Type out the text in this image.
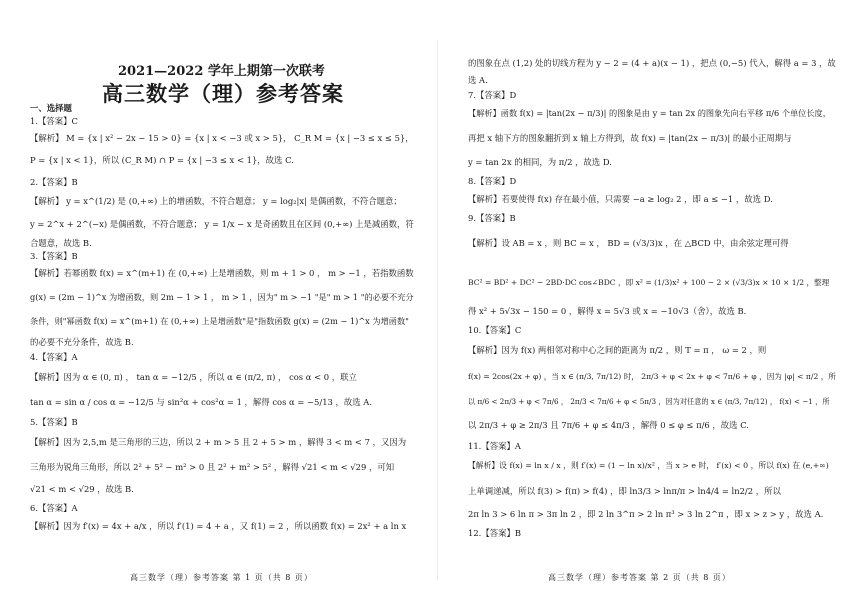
2021—2022 学年上期第一次联考
高三数学（理）参考答案
一、选择题
1.【答案】C
【解析】 M = {x | x² − 2x − 15 > 0} = {x | x < −3 或 x > 5}， C_R M = {x | −3 ≤ x ≤ 5}，
P = {x | x < 1}，所以 (C_R M) ∩ P = {x | −3 ≤ x < 1}，故选 C.
2.【答案】B
【解析】 y = x^(1/2) 是 (0,+∞) 上的增函数，不符合题意； y = log₂|x| 是偶函数，不符合题意；
y = 2^x + 2^(−x) 是偶函数，不符合题意； y = 1/x − x 是奇函数且在区间 (0,+∞) 上是减函数，符
合题意，故选 B.
3.【答案】B
【解析】若幂函数 f(x) = x^(m+1) 在 (0,+∞) 上是增函数，则 m + 1 > 0 ， m > −1 ，若指数函数
g(x) = (2m − 1)^x 为增函数，则 2m − 1 > 1 ， m > 1 ，因为" m > −1 "是" m > 1 "的必要不充分
条件，则"幂函数 f(x) = x^(m+1) 在 (0,+∞) 上是增函数"是"指数函数 g(x) = (2m − 1)^x 为增函数"
的必要不充分条件，故选 B.
4.【答案】A
【解析】因为 α ∈ (0, π) ， tan α = −12/5 ，所以 α ∈ (π/2, π) ， cos α < 0 ，联立
tan α = sin α / cos α = −12/5 与 sin²α + cos²α = 1 ，解得 cos α = −5/13 ，故选 A.
5.【答案】B
【解析】因为 2,5,m 是三角形的三边，所以 2 + m > 5 且 2 + 5 > m ，解得 3 < m < 7 ，又因为
三角形为锐角三角形，所以 2² + 5² − m² > 0 且 2² + m² > 5² ，解得 √21 < m < √29 ，可知
√21 < m < √29 ，故选 B.
6.【答案】A
【解析】因为 f′(x) = 4x + a/x ，所以 f′(1) = 4 + a ，又 f(1) = 2 ，所以函数 f(x) = 2x² + a ln x
高三数学（理）参考答案 第 1 页（共 8 页）
的图象在点 (1,2) 处的切线方程为 y − 2 = (4 + a)(x − 1) ，把点 (0,−5) 代入，解得 a = 3 ，故
选 A.
7.【答案】D
【解析】函数 f(x) = |tan(2x − π/3)| 的图象是由 y = tan 2x 的图象先向右平移 π/6 个单位长度，
再把 x 轴下方的图象翻折到 x 轴上方得到，故 f(x) = |tan(2x − π/3)| 的最小正周期与
y = tan 2x 的相同，为 π/2 ，故选 D.
8.【答案】D
【解析】若要使得 f(x) 存在最小值，只需要 −a ≥ log₂ 2 ，即 a ≤ −1 ，故选 D.
9.【答案】B
【解析】设 AB = x ，则 BC = x ， BD = (√3/3)x ，在 △BCD 中，由余弦定理可得
BC² = BD² + DC² − 2BD·DC cos∠BDC ，即 x² = (1/3)x² + 100 − 2 × (√3/3)x × 10 × 1/2 ，整理
得 x² + 5√3x − 150 = 0 ，解得 x = 5√3 或 x = −10√3（舍），故选 B.
10.【答案】C
【解析】因为 f(x) 两相邻对称中心之间的距离为 π/2 ，则 T = π ， ω = 2 ，则
f(x) = 2cos(2x + φ) ，当 x ∈ (π/3, 7π/12) 时， 2π/3 + φ < 2x + φ < 7π/6 + φ ，因为 |φ| < π/2 ，所
以 π/6 < 2π/3 + φ < 7π/6 ， 2π/3 < 7π/6 + φ < 5π/3 ，因为对任意的 x ∈ (π/3, 7π/12) ， f(x) < −1 ，所
以 2π/3 + φ ≥ 2π/3 且 7π/6 + φ ≤ 4π/3 ，解得 0 ≤ φ ≤ π/6 ，故选 C.
11.【答案】A
【解析】设 f(x) = ln x / x ，则 f′(x) = (1 − ln x)/x² ，当 x > e 时， f′(x) < 0 ，所以 f(x) 在 (e,+∞)
上单调递减，所以 f(3) > f(π) > f(4) ，即 ln3/3 > lnπ/π > ln4/4 = ln2/2 ，所以
2π ln 3 > 6 ln π > 3π ln 2 ，即 2 ln 3^π > 2 ln π³ > 3 ln 2^π ，即 x > z > y ，故选 A.
12.【答案】B
高三数学（理）参考答案 第 2 页（共 8 页）
